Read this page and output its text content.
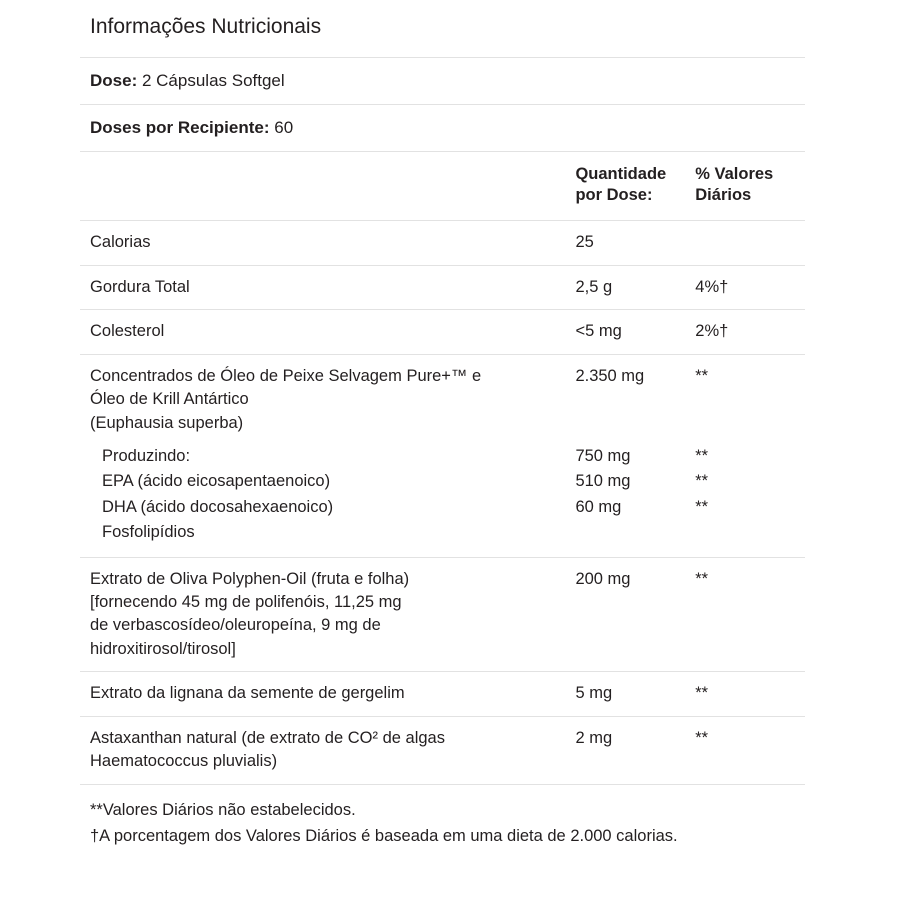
Informações Nutricionais
Dose: 2 Cápsulas Softgel
Doses por Recipiente: 60
	Quantidade por Dose:	% Valores Diários
Calorias	25	
Gordura Total	2,5 g	4%†
Colesterol	<5 mg	2%†

Concentrados de Óleo de Peixe Selvagem Pure+™ e
Óleo de Krill Antártico
(Euphausia superba)	2.350 mg	**

Produzindo:	750 mg	**

EPA (ácido eicosapentaenoico)	510 mg	**

DHA (ácido docosahexaenoico)	60 mg	**

Fosfolipídios		

Extrato de Oliva Polyphen-Oil (fruta e folha)
[fornecendo 45 mg de polifenóis, 11,25 mg
de verbascosídeo/oleuropeína, 9 mg de
hidroxitirosol/tirosol]	200 mg	**
Extrato da lignana da semente de gergelim	5 mg	**

Astaxanthan natural (de extrato de CO² de algas
Haematococcus pluvialis)	2 mg	**
**Valores Diários não estabelecidos.
†A porcentagem dos Valores Diários é baseada em uma dieta de 2.000 calorias.
